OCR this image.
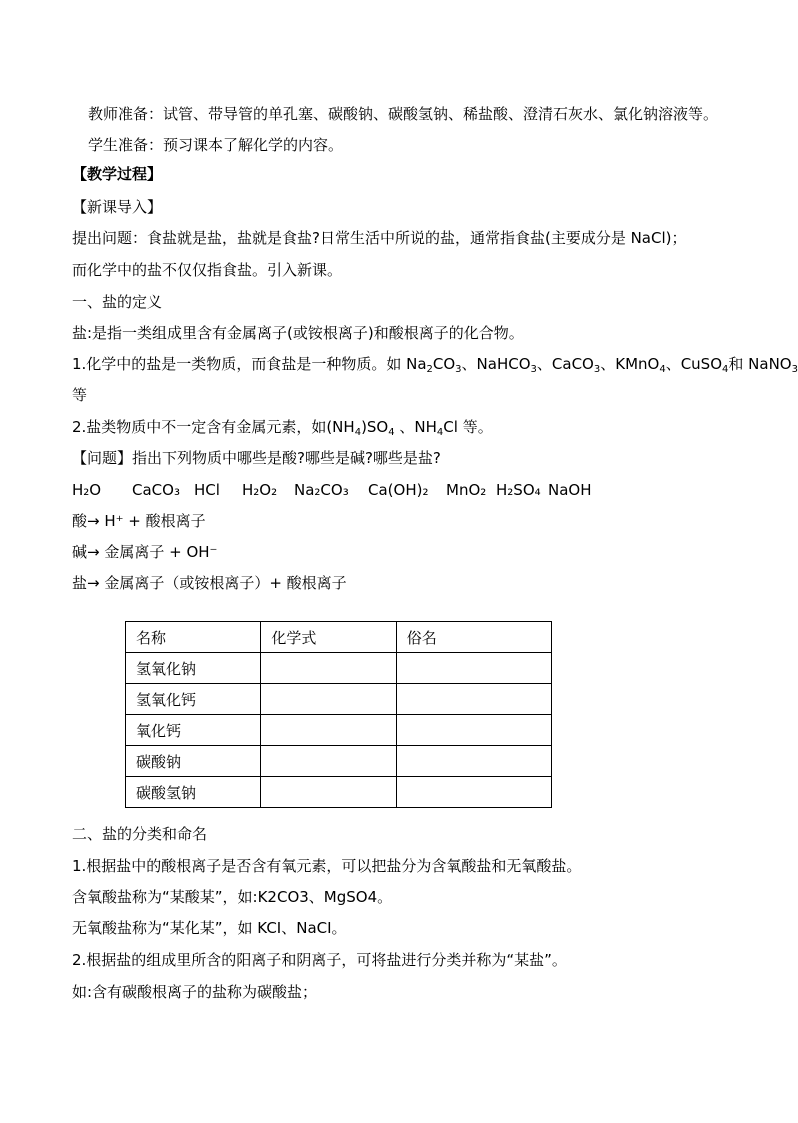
教师准备：试管、带导管的单孔塞、碳酸钠、碳酸氢钠、稀盐酸、澄清石灰水、氯化钠溶液等。
学生准备：预习课本了解化学的内容。
【教学过程】
【新课导入】
提出问题：食盐就是盐，盐就是食盐?日常生活中所说的盐，通常指食盐(主要成分是 NaCl)；
而化学中的盐不仅仅指食盐。引入新课。
一、盐的定义
盐:是指一类组成里含有金属离子(或铵根离子)和酸根离子的化合物。
1.化学中的盐是一类物质，而食盐是一种物质。如 $Na_2CO_3$、NaHCO$_3$、CaCO$_3$、KMnO$_4$、CuSO$_4$和 NaNO$_3$
等
2.盐类物质中不一定含有金属元素，如$(NH_4)SO_4$ 、$NH_4Cl$ 等。
【问题】指出下列物质中哪些是酸?哪些是碱?哪些是盐?
H₂O CaCO₃ HCl H₂O₂ Na₂CO₃ Ca(OH)₂ MnO₂ H₂SO₄ NaOH
酸→ H⁺ + 酸根离子
碱→ 金属离子 + OH⁻
盐→ 金属离子（或铵根离子）+ 酸根离子
名称	化学式	俗名
氢氧化钠		
氢氧化钙		
氧化钙		
碳酸钠		
碳酸氢钠		
二、盐的分类和命名
1.根据盐中的酸根离子是否含有氧元素，可以把盐分为含氧酸盐和无氧酸盐。
含氧酸盐称为“某酸某”，如:K2CO3、MgSO4。
无氧酸盐称为“某化某”，如 KCI、NaCI。
2.根据盐的组成里所含的阳离子和阴离子，可将盐进行分类并称为“某盐”。
如:含有碳酸根离子的盐称为碳酸盐；
